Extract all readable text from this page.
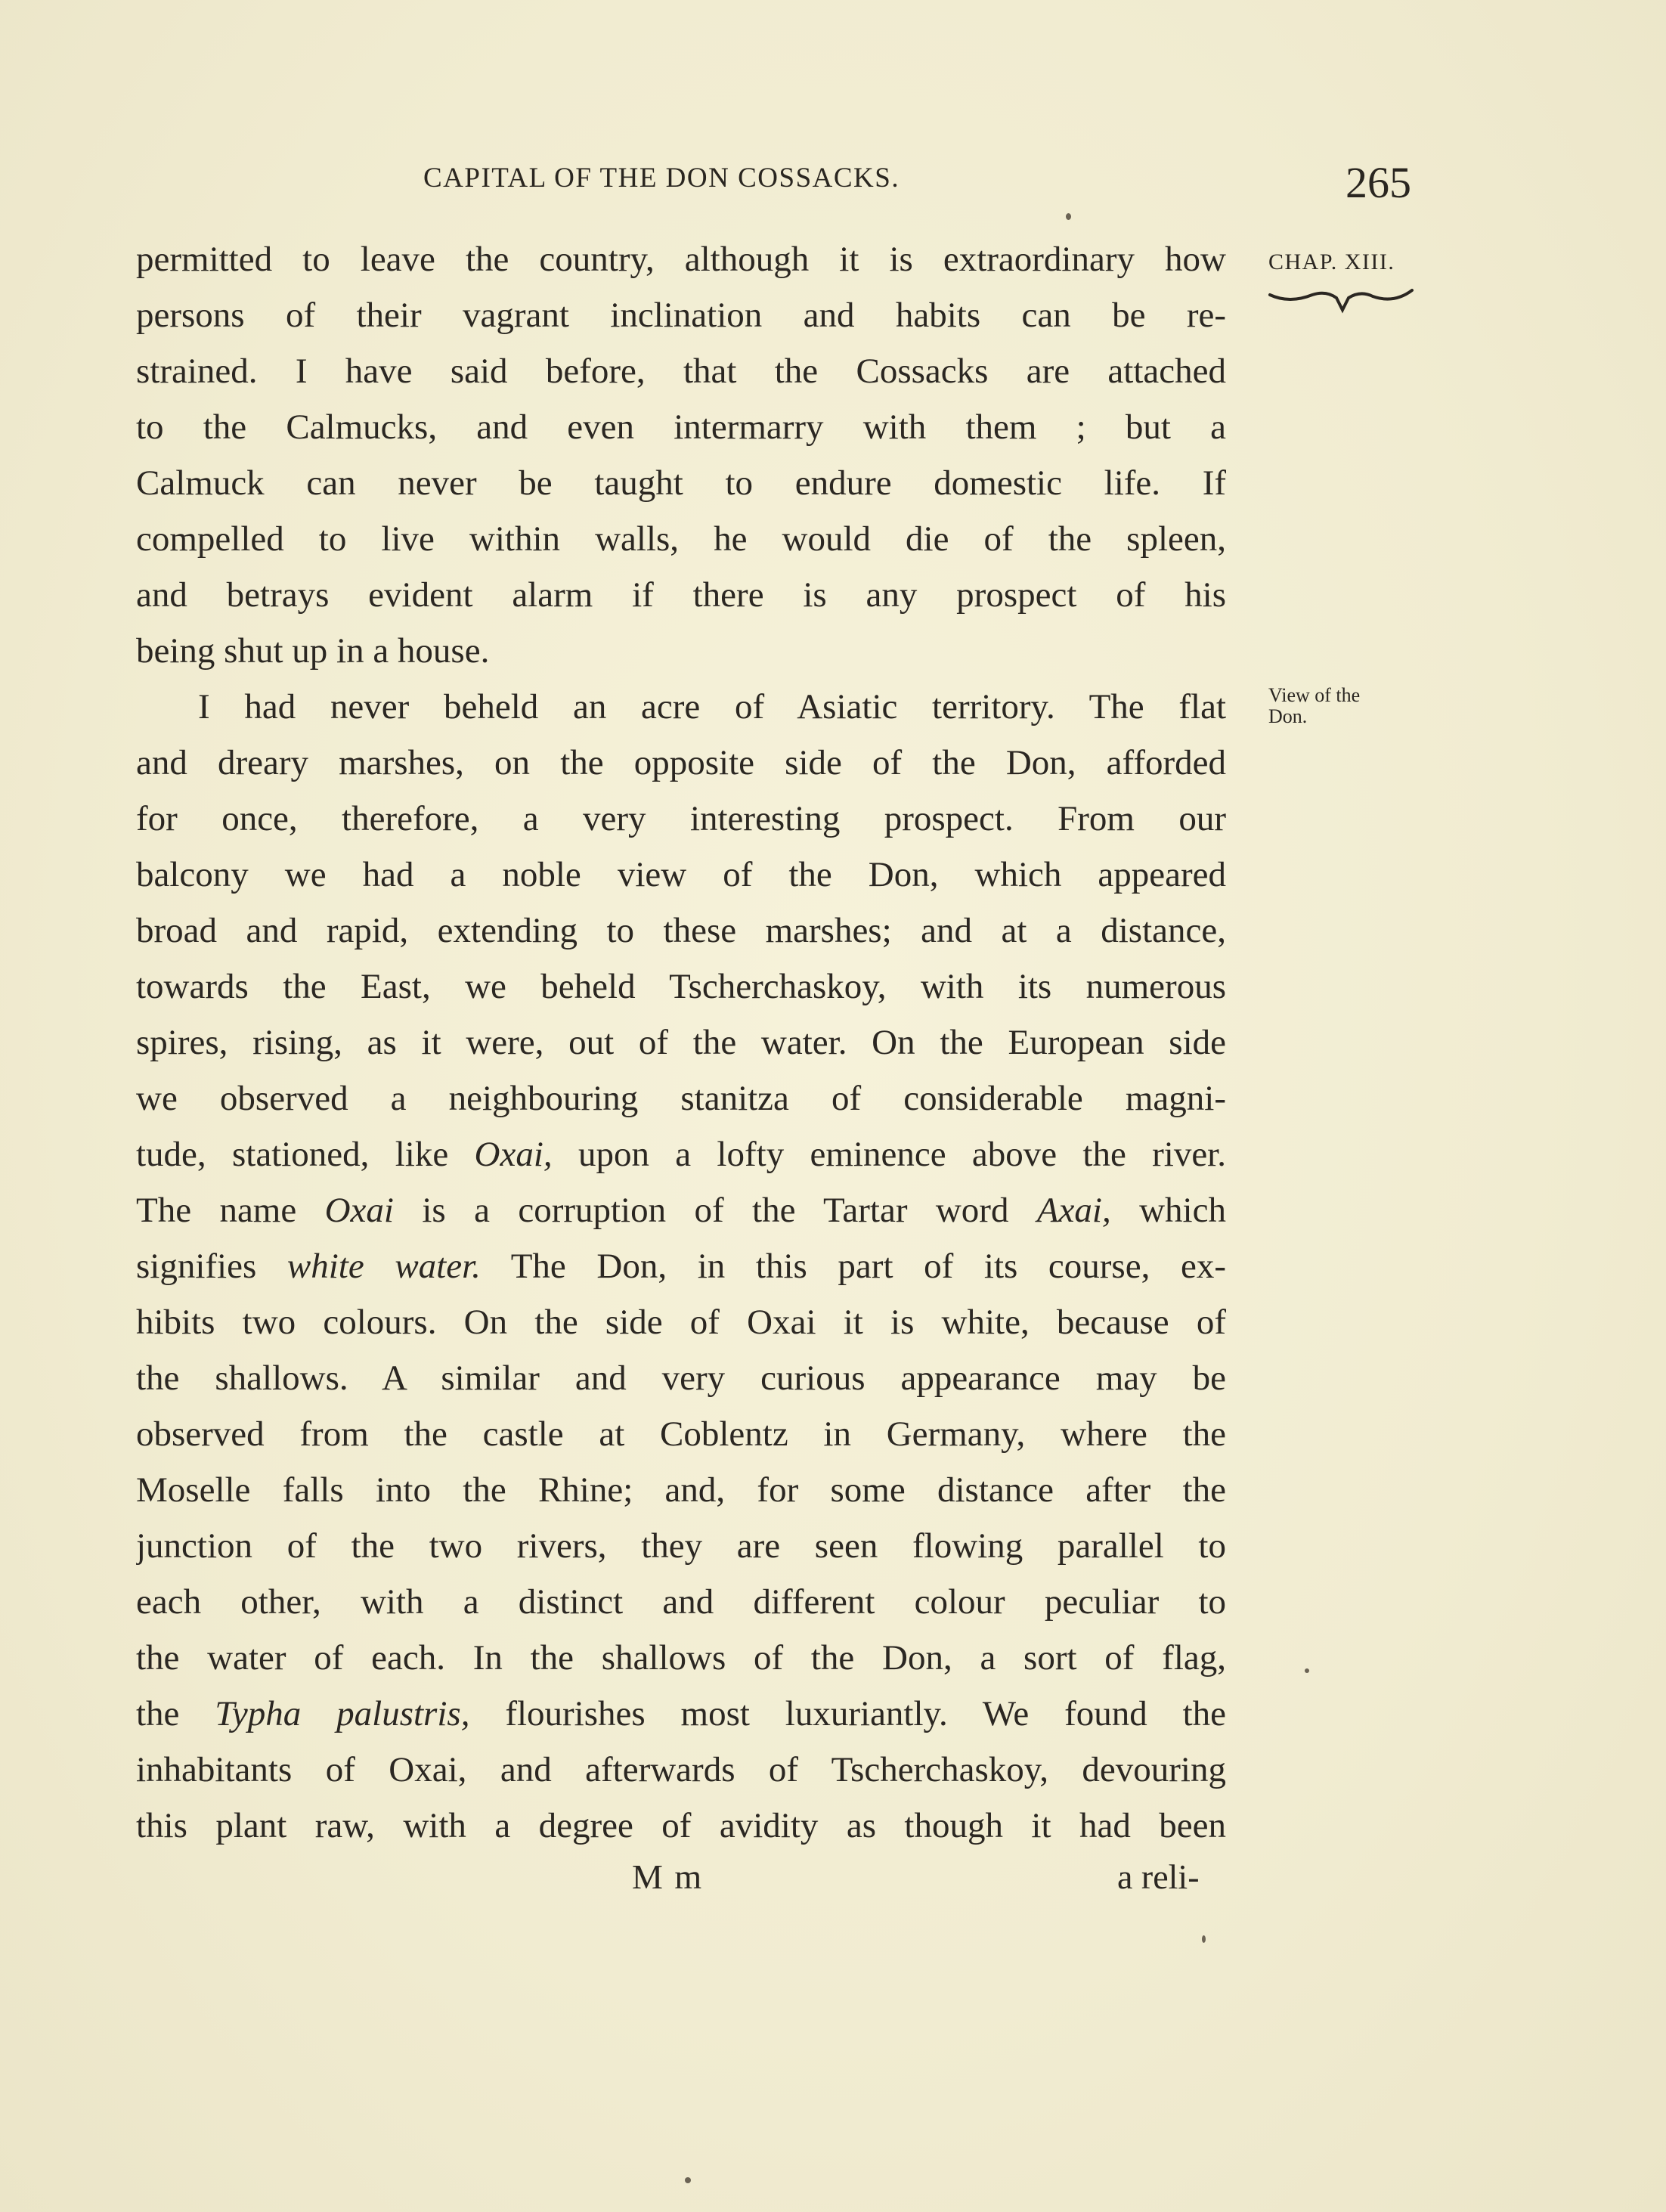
CAPITAL OF THE DON COSSACKS.	265
CHAP. XIII.
View of the
Don.
permitted to leave the country, although it is extraordinary how
persons of their vagrant inclination and habits can be re-
strained. I have said before, that the Cossacks are attached
to the Calmucks, and even intermarry with them ; but a
Calmuck can never be taught to endure domestic life. If
compelled to live within walls, he would die of the spleen,
and betrays evident alarm if there is any prospect of his
being shut up in a house.
I had never beheld an acre of Asiatic territory. The flat
and dreary marshes, on the opposite side of the Don, afforded
for once, therefore, a very interesting prospect. From our
balcony we had a noble view of the Don, which appeared
broad and rapid, extending to these marshes; and at a distance,
towards the East, we beheld Tscherchaskoy, with its numerous
spires, rising, as it were, out of the water. On the European side
we observed a neighbouring stanitza of considerable magni-
tude, stationed, like Oxai, upon a lofty eminence above the river.
The name Oxai is a corruption of the Tartar word Axai, which
signifies white water. The Don, in this part of its course, ex-
hibits two colours. On the side of Oxai it is white, because of
the shallows. A similar and very curious appearance may be
observed from the castle at Coblentz in Germany, where the
Moselle falls into the Rhine; and, for some distance after the
junction of the two rivers, they are seen flowing parallel to
each other, with a distinct and different colour peculiar to
the water of each. In the shallows of the Don, a sort of flag,
the Typha palustris, flourishes most luxuriantly. We found the
inhabitants of Oxai, and afterwards of Tscherchaskoy, devouring
this plant raw, with a degree of avidity as though it had been
M m	a reli-
